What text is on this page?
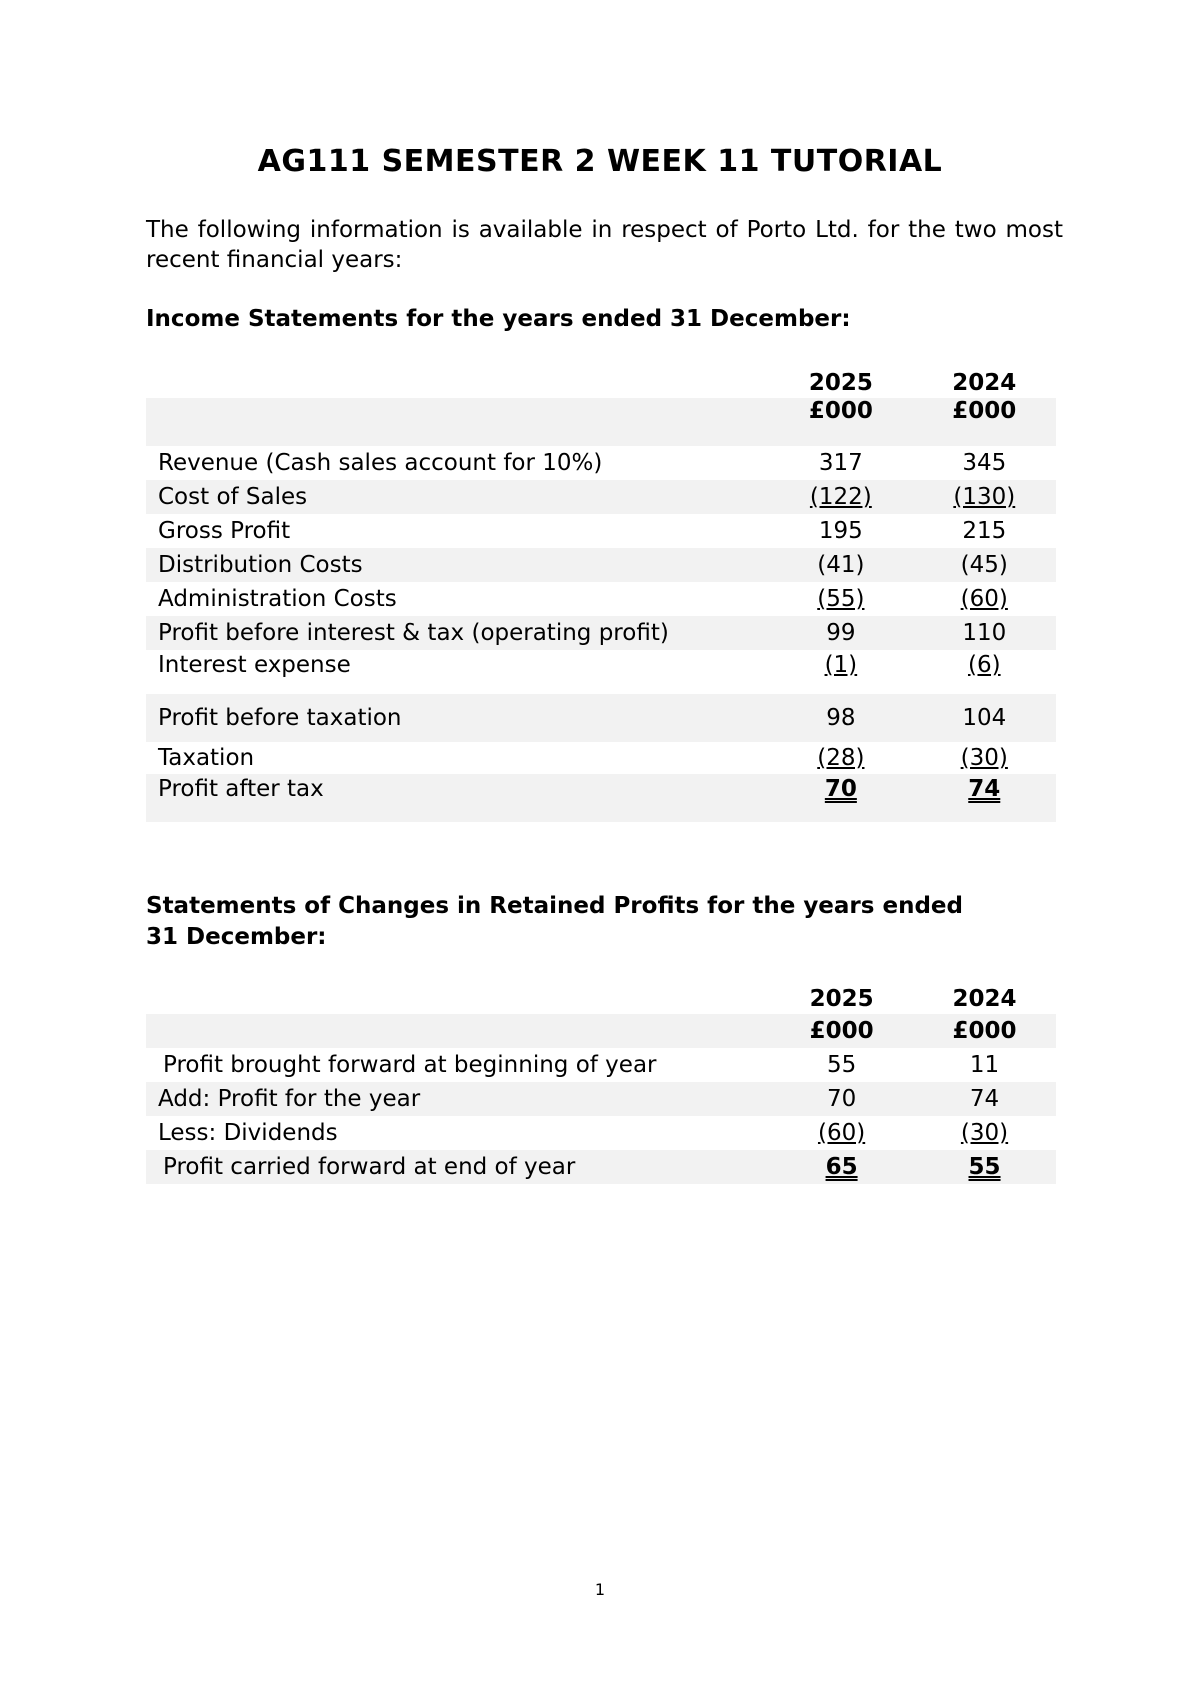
AG111 SEMESTER 2 WEEK 11 TUTORIAL
The following information is available in respect of Porto Ltd. for the two most recent financial years:
Income Statements for the years ended 31 December:
	2025	2024
	£000	£000
Revenue (Cash sales account for 10%)	317	345
Cost of Sales	(122)	(130)
Gross Profit	195	215
Distribution Costs	(41)	(45)
Administration Costs	(55)	(60)
Profit before interest & tax (operating profit)	99	110
Interest expense	(1)	(6)
Profit before taxation	98	104
Taxation	(28)	(30)
Profit after tax	70	74
Statements of Changes in Retained Profits for the years ended
31 December:
	2025	2024
	£000	£000
Profit brought forward at beginning of year	55	11
Add: Profit for the year	70	74
Less: Dividends	(60)	(30)
Profit carried forward at end of year	65	55
1
